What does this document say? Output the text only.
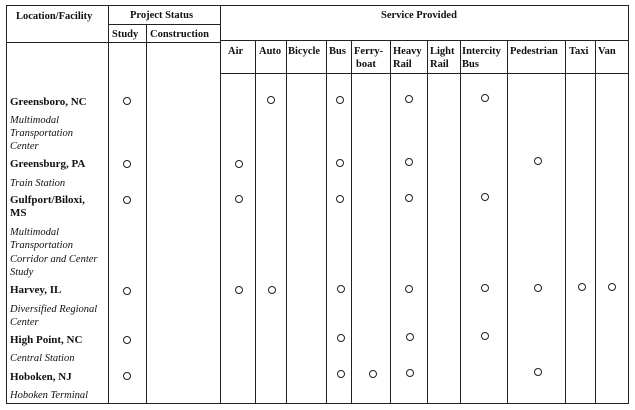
Location/Facility	Project Status	Service Provided
Study Construction
Air Auto Bicycle Bus Ferry-
boat
Heavy
Rail
Light
Rail
Intercity
Bus
Pedestrian Taxi Van
Greensboro, NC
Multimodal
Transportation
Center
Greensburg, PA
Train Station
Gulfport/Biloxi,
MS
Multimodal
Transportation
Corridor and Center
Study
Harvey, IL
Diversified Regional
Center
High Point, NC
Central Station
Hoboken, NJ
Hoboken Terminal
